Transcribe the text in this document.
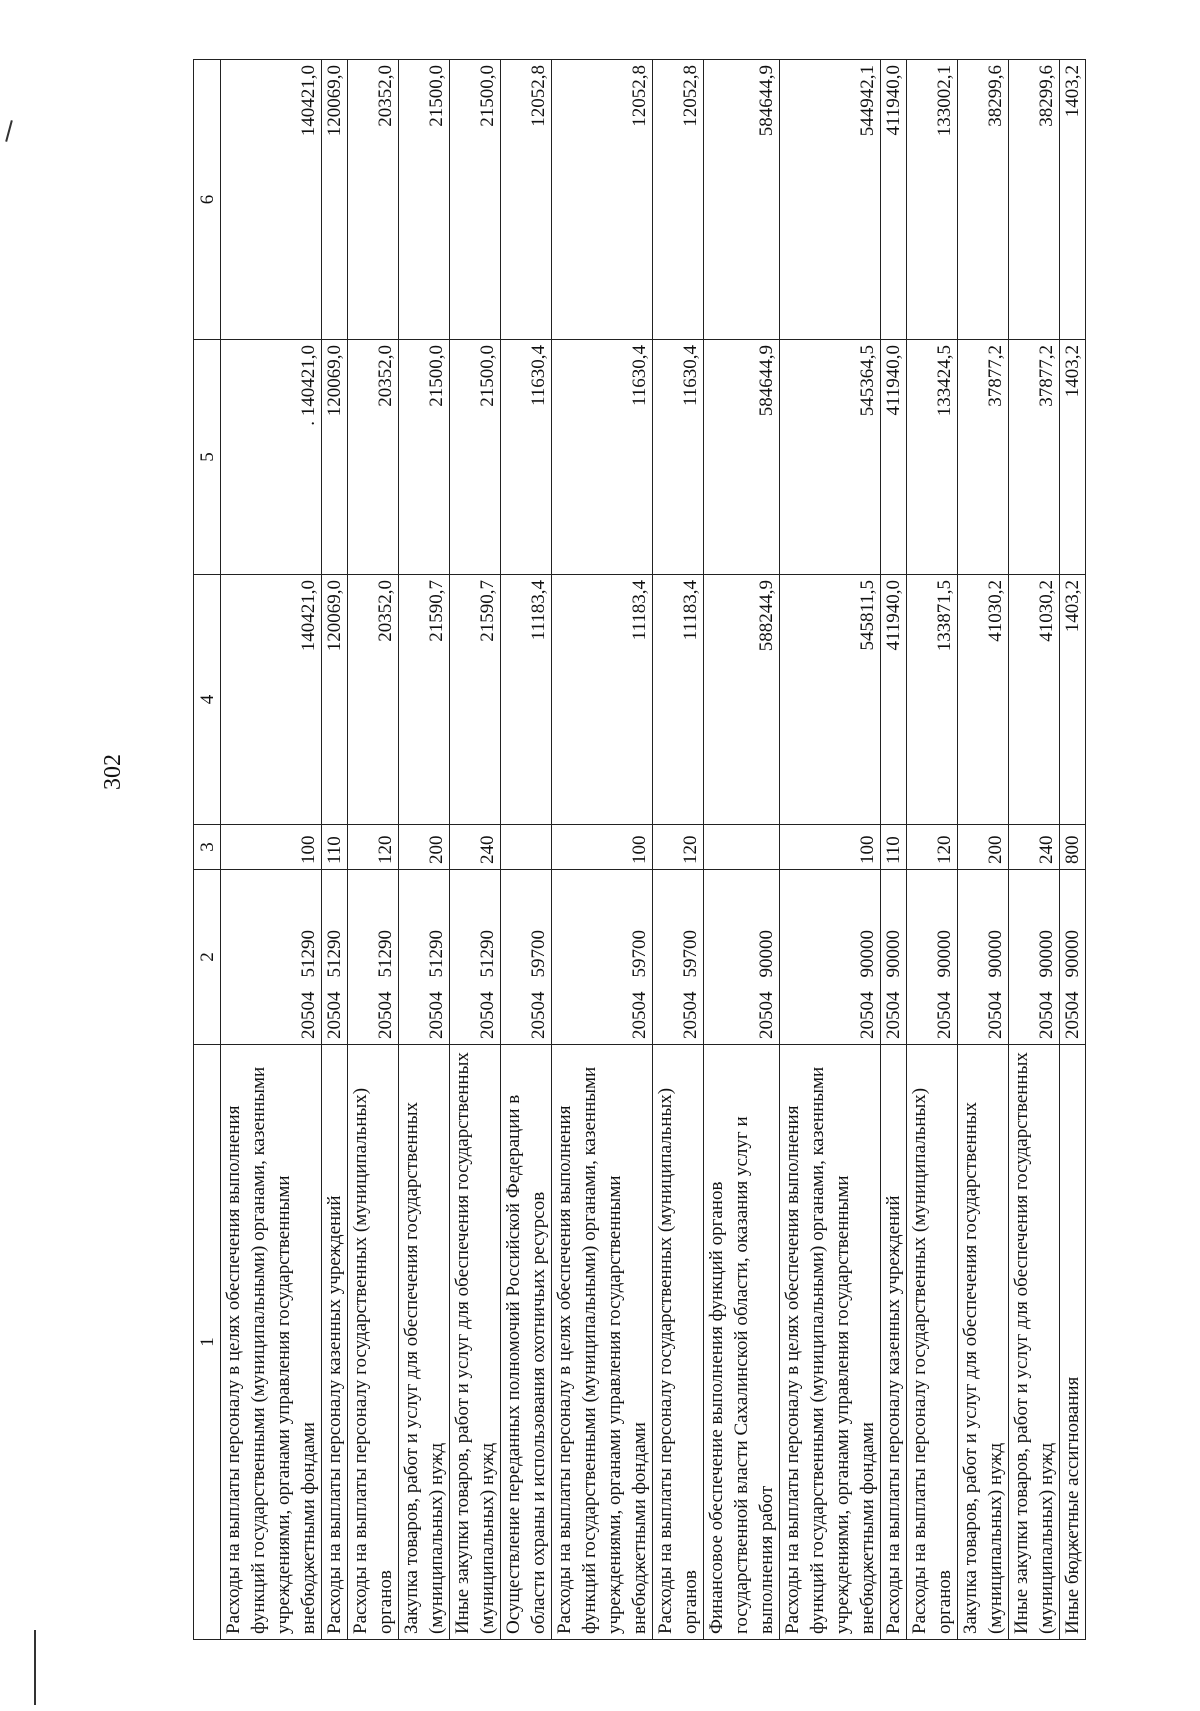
302
1	2	3	4	5	6
Расходы на выплаты персоналу в целях обеспечения выполнения функций государственными (муниципальными) органами, казенными учреждениями, органами управления государственными внебюджетными фондами	2050451290	100	140421,0	. 140421,0	140421,0
Расходы на выплаты персоналу казенных учреждений	2050451290	110	120069,0	120069,0	120069,0
Расходы на выплаты персоналу государственных (муниципальных) органов	2050451290	120	20352,0	20352,0	20352,0
Закупка товаров, работ и услуг для обеспечения государственных (муниципальных) нужд	2050451290	200	21590,7	21500,0	21500,0
Иные закупки товаров, работ и услуг для обеспечения государственных (муниципальных) нужд	2050451290	240	21590,7	21500,0	21500,0
Осуществление переданных полномочий Российской Федерации в области охраны и использования охотничьих ресурсов	2050459700		11183,4	11630,4	12052,8
Расходы на выплаты персоналу в целях обеспечения выполнения функций государственными (муниципальными) органами, казенными учреждениями, органами управления государственными внебюджетными фондами	2050459700	100	11183,4	11630,4	12052,8
Расходы на выплаты персоналу государственных (муниципальных) органов	2050459700	120	11183,4	11630,4	12052,8
Финансовое обеспечение выполнения функций органов государственной власти Сахалинской области, оказания услуг и выполнения работ	2050490000		588244,9	584644,9	584644,9
Расходы на выплаты персоналу в целях обеспечения выполнения функций государственными (муниципальными) органами, казенными учреждениями, органами управления государственными внебюджетными фондами	2050490000	100	545811,5	545364,5	544942,1
Расходы на выплаты персоналу казенных учреждений	2050490000	110	411940,0	411940,0	411940,0
Расходы на выплаты персоналу государственных (муниципальных) органов	2050490000	120	133871,5	133424,5	133002,1
Закупка товаров, работ и услуг для обеспечения государственных (муниципальных) нужд	2050490000	200	41030,2	37877,2	38299,6
Иные закупки товаров, работ и услуг для обеспечения государственных (муниципальных) нужд	2050490000	240	41030,2	37877,2	38299,6
Иные бюджетные ассигнования	2050490000	800	1403,2	1403,2	1403,2
